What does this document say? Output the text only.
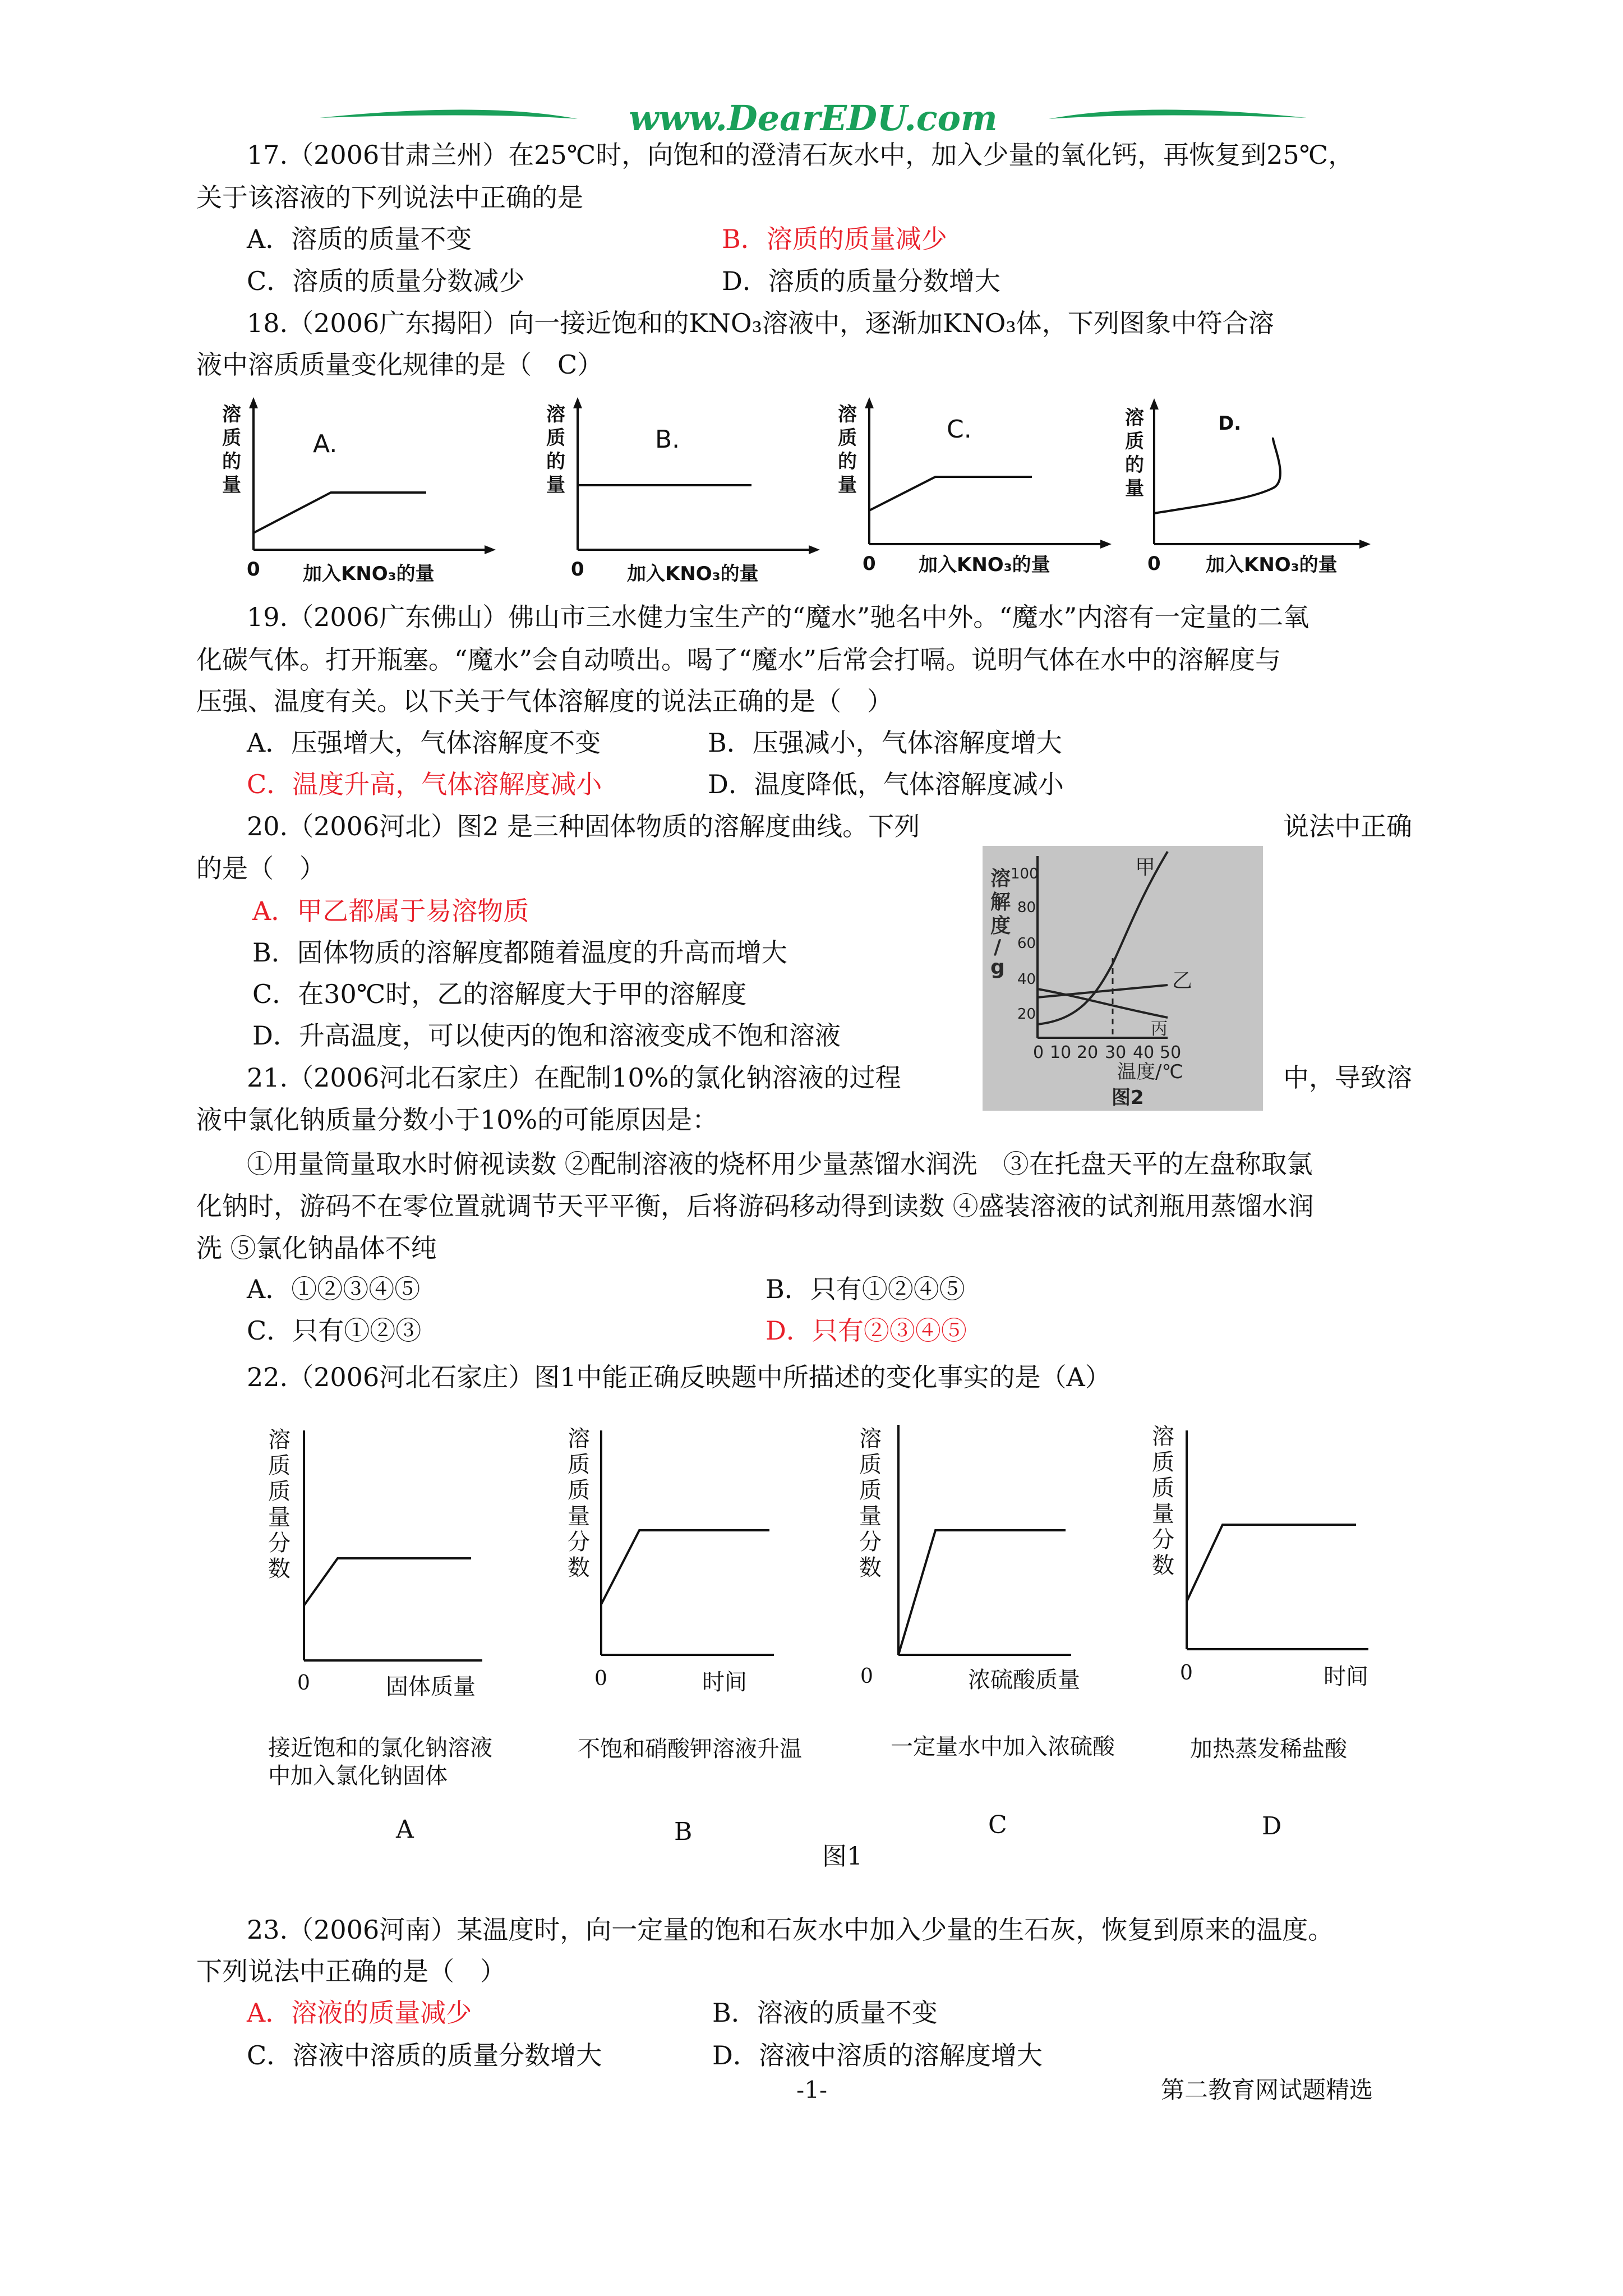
www.DearEDU.com
17.（2006甘肃兰州）在25℃时，向饱和的澄清石灰水中，加入少量的氧化钙，再恢复到25℃，
关于该溶液的下列说法中正确的是
A．溶质的质量不变	B．溶质的质量减少
C．溶质的质量分数减少	D．溶质的质量分数增大
18.（2006广东揭阳）向一接近饱和的KNO₃溶液中，逐渐加KNO₃体，下列图象中符合溶
液中溶质质量变化规律的是（　C）
溶
质
的
量
A.
0 加入KNO₃的量
溶
质
的
量
B.
0 加入KNO₃的量
溶
质
的
量
C.
0 加入KNO₃的量
溶
质
的
量
D.
0 加入KNO₃的量
19.（2006广东佛山）佛山市三水健力宝生产的“魔水”驰名中外。“魔水”内溶有一定量的二氧
化碳气体。打开瓶塞。“魔水”会自动喷出。喝了“魔水”后常会打嗝。说明气体在水中的溶解度与
压强、温度有关。以下关于气体溶解度的说法正确的是（　）
A．压强增大，气体溶解度不变	B．压强减小，气体溶解度增大
C．温度升高，气体溶解度减小	D．温度降低，气体溶解度减小
20.（2006河北）图2 是三种固体物质的溶解度曲线。下列	说法中正确
的是（　）
A．甲乙都属于易溶物质
B．固体物质的溶解度都随着温度的升高而增大
C．在30℃时，乙的溶解度大于甲的溶解度
D．升高温度，可以使丙的饱和溶液变成不饱和溶液
溶
解
度
/
g
100
80
60
40
20
0 10 20 30 40 50
甲
乙
丙
温度/℃
图2
21.（2006河北石家庄）在配制10%的氯化钠溶液的过程	中，导致溶
液中氯化钠质量分数小于10%的可能原因是：
①用量筒量取水时俯视读数 ②配制溶液的烧杯用少量蒸馏水润洗　③在托盘天平的左盘称取氯
化钠时，游码不在零位置就调节天平平衡，后将游码移动得到读数 ④盛装溶液的试剂瓶用蒸馏水润
洗 ⑤氯化钠晶体不纯
A．①②③④⑤	B．只有①②④⑤
C．只有①②③	D．只有②③④⑤
22.（2006河北石家庄）图1中能正确反映题中所描述的变化事实的是（A）
溶
质
质
量
分
数
0	固体质量
接近饱和的氯化钠溶液
中加入氯化钠固体
A
溶
质
质
量
分
数
0	时间
不饱和硝酸钾溶液升温
B
溶
质
质
量
分
数
0	浓硫酸质量
一定量水中加入浓硫酸
C
溶
质
质
量
分
数
0	时间
加热蒸发稀盐酸
D
图1
23.（2006河南）某温度时，向一定量的饱和石灰水中加入少量的生石灰，恢复到原来的温度。
下列说法中正确的是（　）
A．溶液的质量减少	B．溶液的质量不变
C．溶液中溶质的质量分数增大	D．溶液中溶质的溶解度增大
-1-	第二教育网试题精选
